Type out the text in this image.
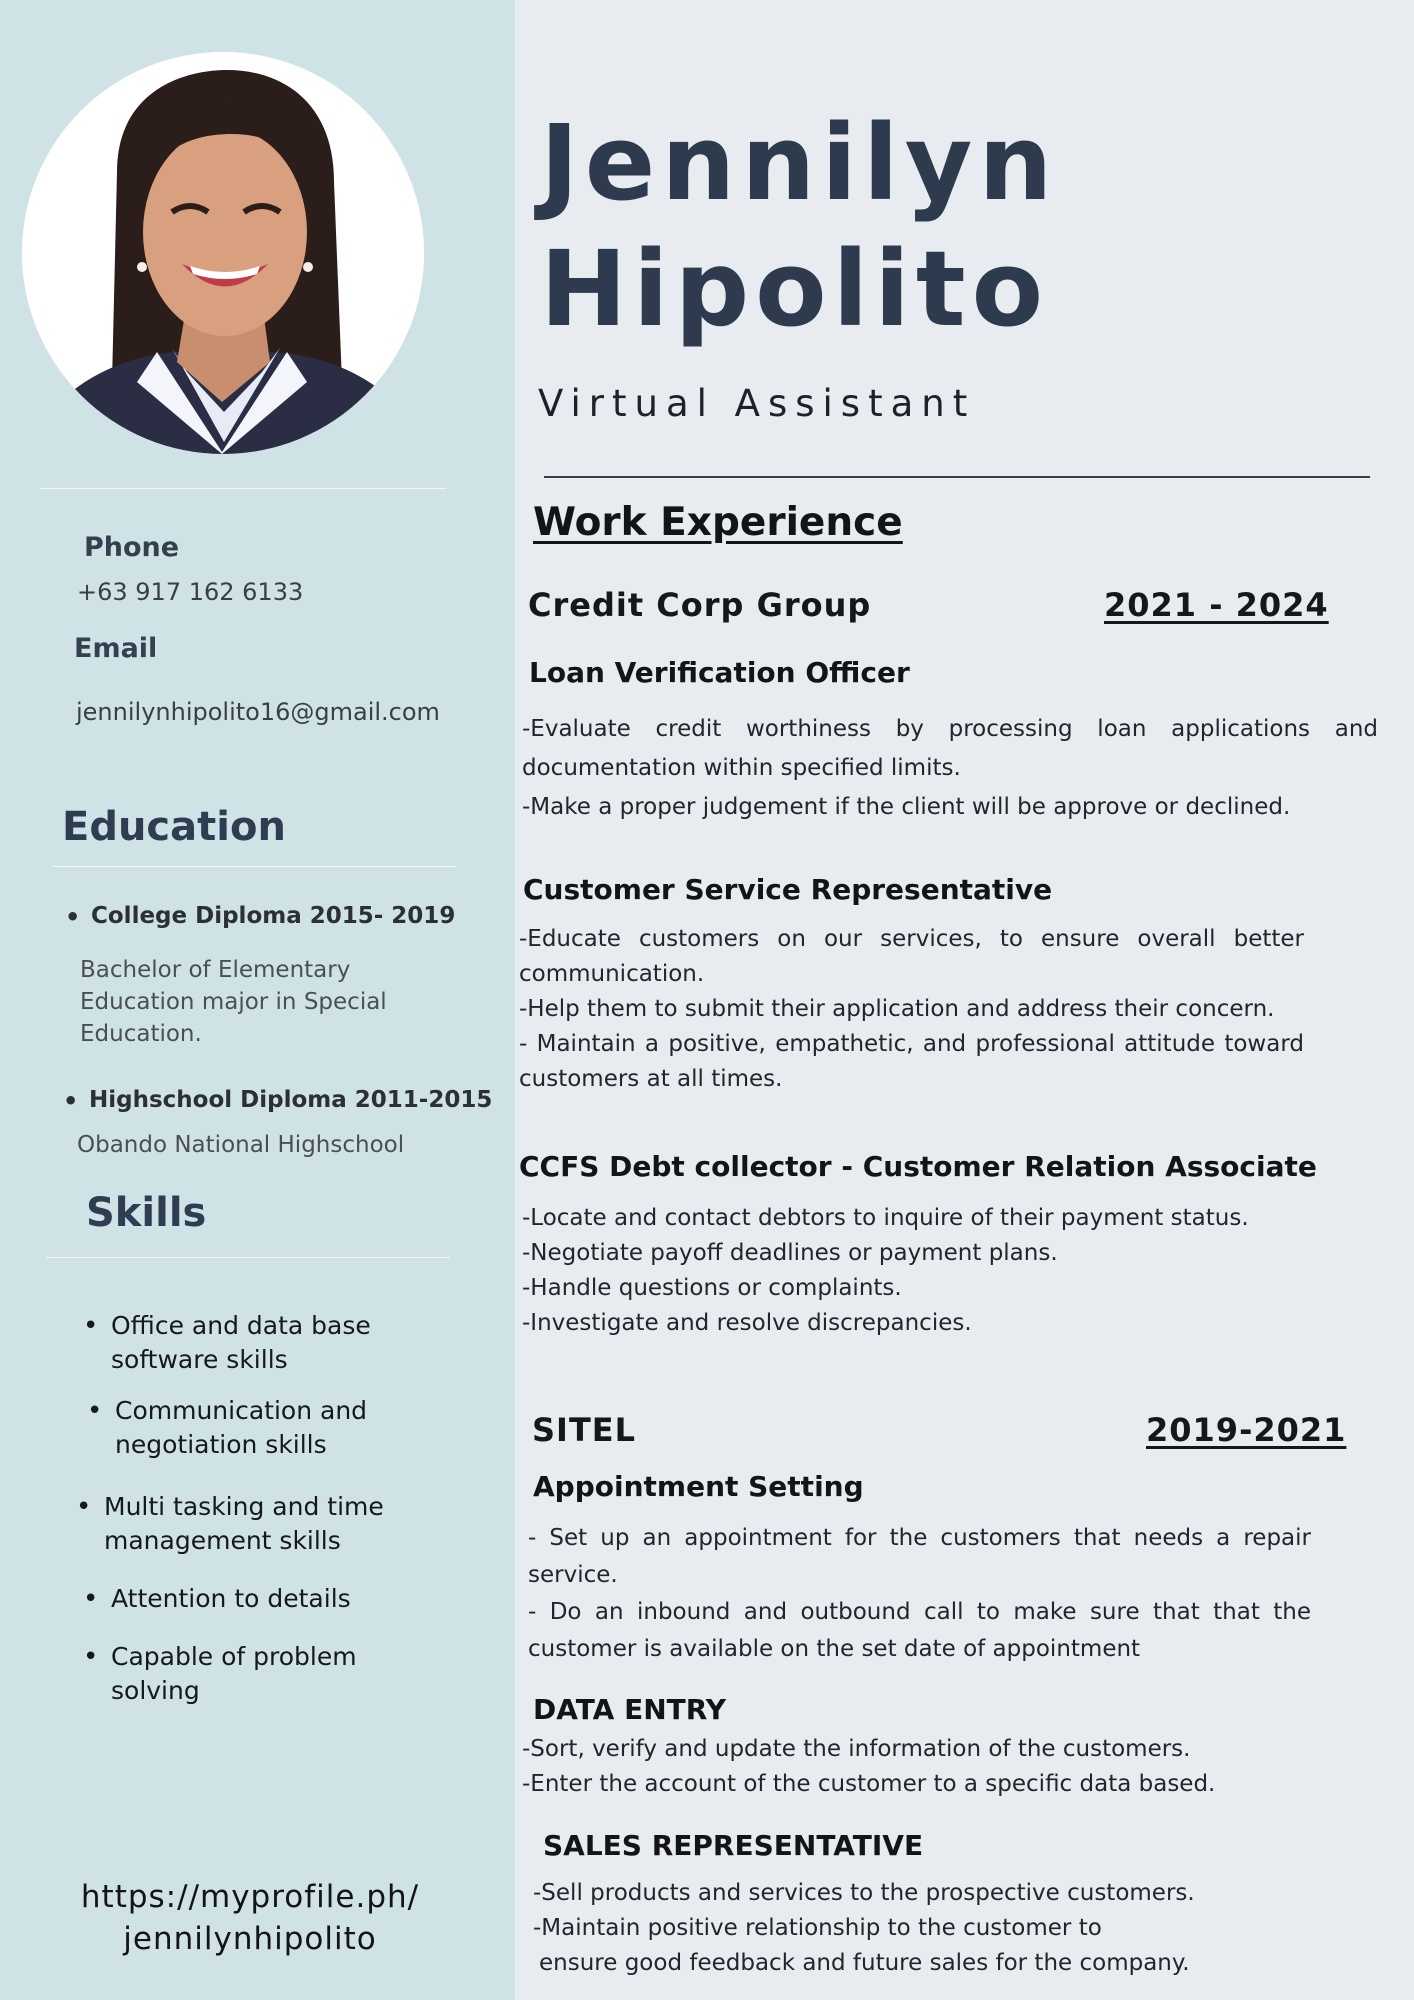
Phone
+63 917 162 6133
Email
jennilynhipolito16@gmail.com
Education
• College Diploma 2015- 2019
Bachelor of Elementary
Education major in Special
Education.
• Highschool Diploma 2011-2015
Obando National Highschool
Skills
• Office and data base
software skills
• Communication and
negotiation skills
• Multi tasking and time
management skills
• Attention to details
• Capable of problem
solving
https://myprofile.ph/
jennilynhipolito
Jennilyn
Hipolito
Virtual Assistant
Work Experience
Credit Corp Group	2021 - 2024
Loan Verification Officer

-Evaluate credit worthiness by processing loan applications and documentation within specified limits.

-Make a proper judgement if the client will be approve or declined.

Customer Service Representative

-Educate customers on our services, to ensure overall better communication.

-Help them to submit their application and address their concern.

- Maintain a positive, empathetic, and professional attitude toward customers at all times.

CCFS Debt collector - Customer Relation Associate

-Locate and contact debtors to inquire of their payment status.

-Negotiate payoff deadlines or payment plans.

-Handle questions or complaints.

-Investigate and resolve discrepancies.

SITEL	2019-2021
Appointment Setting

- Set up an appointment for the customers that needs a repair service.

- Do an inbound and outbound call to make sure that that the customer is available on the set date of appointment

DATA ENTRY

-Sort, verify and update the information of the customers.

-Enter the account of the customer to a specific data based.

SALES REPRESENTATIVE

-Sell products and services to the prospective customers.

-Maintain positive relationship to the customer to

ensure good feedback and future sales for the company.
